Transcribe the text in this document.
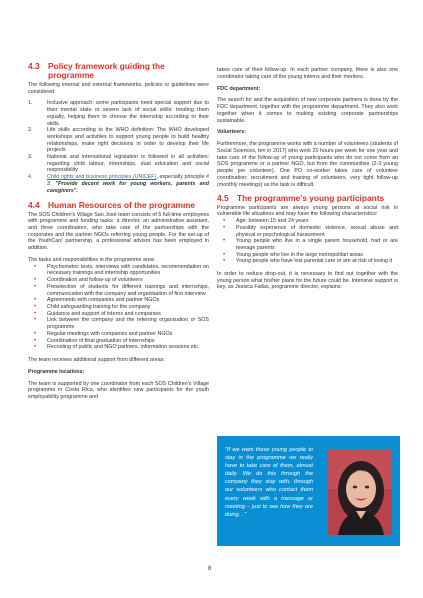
4.3 Policy framework guiding the
programme

The following internal and external frameworks, policies or guidelines were considered:

1.	Inclusive approach: some participants need special support due to their mental state or severe lack of social skills: treating them equally, helping them to choose the internship according to their skills.
2.	Life skills according to the WHO definition: The WHO developed workshops and activities to support young people to build healthy relationships, make right decisions in order to develop their life projects
3.	National and international legislation is followed in all activities: regarding child labour, internships, dual education and social responsibility
4.	Child rights and business principles (UNICEF), especially principle # 3: "Provide decent work for young workers, parents and caregivers".
4.4 Human Resources of the programme

The SOS Children's Village San José team consists of 5 full-time employees with programme and funding tasks: a director, an administrative assistant, and three coordinators, who take care of the partnerships with the corporates and the partner NGOs referring young people. For the set-up of the YouthCan! partnership, a professional advisor has been employed in addition.

The tasks and responsibilities in the programme area:

• Psychometric tests, interviews with candidates, recommendation on necessary trainings and internship opportunities
• Coordination and follow-up of volunteers
• Preselection of students for different trainings and internships, communication with the company and organisation of first interview
• Agreements with companies and partner NGOs
• Child safeguarding training for the company
• Guidance and support of interns and companies
• Link between the company and the referring organisation or SOS programme
• Regular meetings with companies and partner NGOs
• Coordination of final graduation of internships
• Recruiting of public and NGO partners, information sessions etc.

The team receives additional support from different areas:

Programme locations:

The team is supported by one coordinator from each SOS Children's Village programme in Costa Rica, who identifies new participants for the youth employability programme and

takes care of their follow-up. In each partner company, there is also one coordinator taking care of the young interns and their mentors.

FDC department:

The search for and the acquisition of new corporate partners is done by the FDC department, together with the programme department. They also work together when it comes to making existing corporate partnerships sustainable.

Volunteers:

Furthermore, the programme works with a number of volunteers (students of Social Sciences, ten in 2017) who work 20 hours per week for one year and take care of the follow-up of young participants who do not come from an SOS programme or a partner NGO, but from the communities (2-3 young people per volunteer). One PO co-worker takes care of volunteer coordination: recruitment and training of volunteers, very tight follow-up (monthly meetings) as the task is difficult.

4.5 The programme's young participants

Programme participants are always young persons at social risk in vulnerable life situations and may have the following characteristics:

• Age: between 15 and 24 years
• Possibly experience of domestic violence, sexual abuse and physical or psychological harassment
• Young people who live in a single parent household, had or are teenage parents
• Young people who live in the large metropolitan areas
• Young people who have lost parental care or are at risk of losing it

In order to reduce drop-out, it is necessary to find out together with the young person what his/her plans for the future could be. Intensive support is key, as Jessica Fallas, programme director, explains:

"If we want these young people to stay in the programme we really have to take care of them, almost daily. We do this through the company they stay with, through our volunteers who contact them every week with a message or meeting – just to see how they are doing…"
8
